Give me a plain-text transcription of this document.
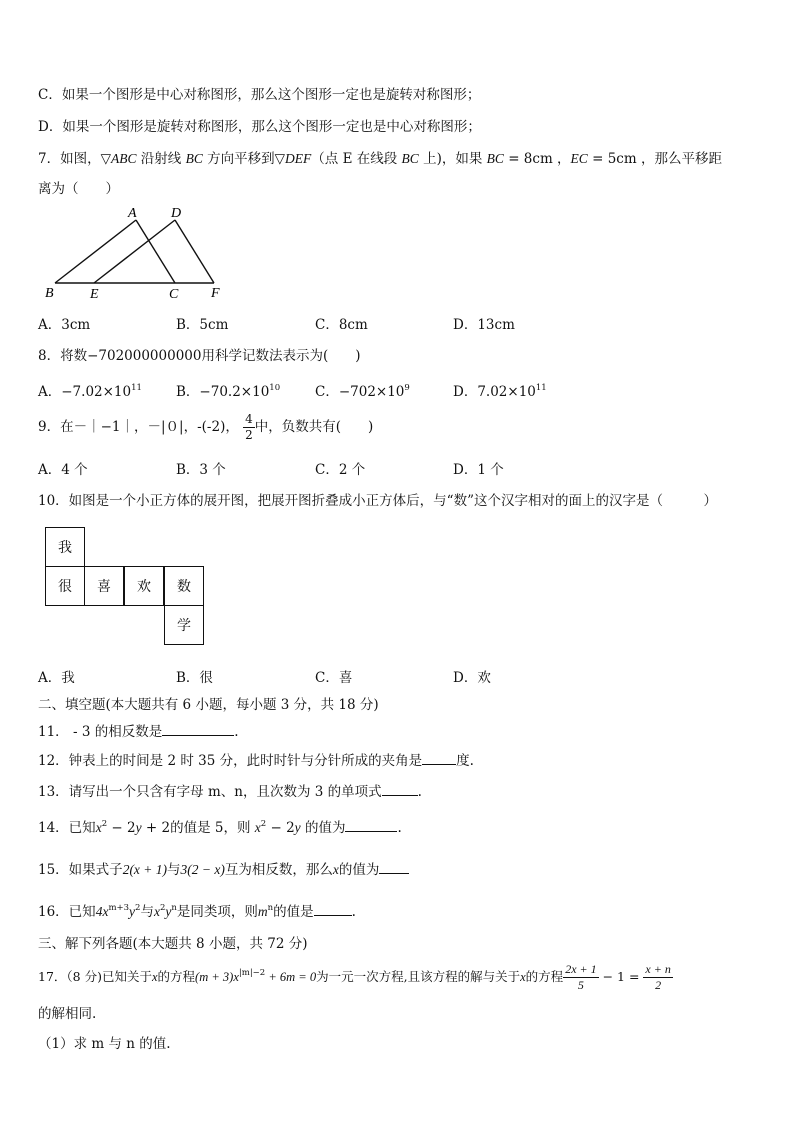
C．如果一个图形是中心对称图形，那么这个图形一定也是旋转对称图形；
D．如果一个图形是旋转对称图形，那么这个图形一定也是中心对称图形；
7．如图，▽ABC 沿射线 BC 方向平移到▽DEF（点 E 在线段 BC 上)，如果 BC = 8cm ，EC = 5cm ，那么平移距
离为（　　）
A D
B	E	C F
A．3cm	B．5cm	C．8cm	D．13cm
8．将数−702000000000用科学记数法表示为(　　)
A．$-7.02\times 10^{11}$	B．$-70.2\times 10^{10}$	C．$-702\times 10^9$	D．$7.02\times 10^{11}$
9．在－｜−1｜，－|０|，-(-2)， $\frac{4}{2}$ 中，负数共有(　　)
A．4 个	B．3 个	C．2 个	D．1 个
10．如图是一个小正方体的展开图，把展开图折叠成小正方体后，与“数”这个汉字相对的面上的汉字是（　　　）
我
很	喜	欢	数
学
A．我	B．很	C．喜	D．欢
二、填空题(本大题共有 6 小题，每小题 3 分，共 18 分)
11． - 3 的相反数是	.
12．钟表上的时间是 2 时 35 分，此时时针与分针所成的夹角是	度.
13．请写出一个只含有字母 m、n，且次数为 3 的单项式	.
14．已知$x^2 - 2y + 2$的值是 5，则 $x^2 - 2y$ 的值为	.
15．如果式子2(x + 1)与3(2 − x)互为相反数，那么x的值为
16．已知$4x^{m+3}y^2$与$x^2y^n$是同类项，则$m^n$的值是	.
三、解下列各题(本大题共 8 小题，共 72 分)
17．（8 分)已知关于x的方程$(m + 3)x^{|m|-2} + 6m = 0$为一元一次方程,且该方程的解与关于x的方程 $\frac{2x + 1}{5} - 1 = \frac{x + n}{2}$
的解相同.
（1）求 m 与 n 的值.
